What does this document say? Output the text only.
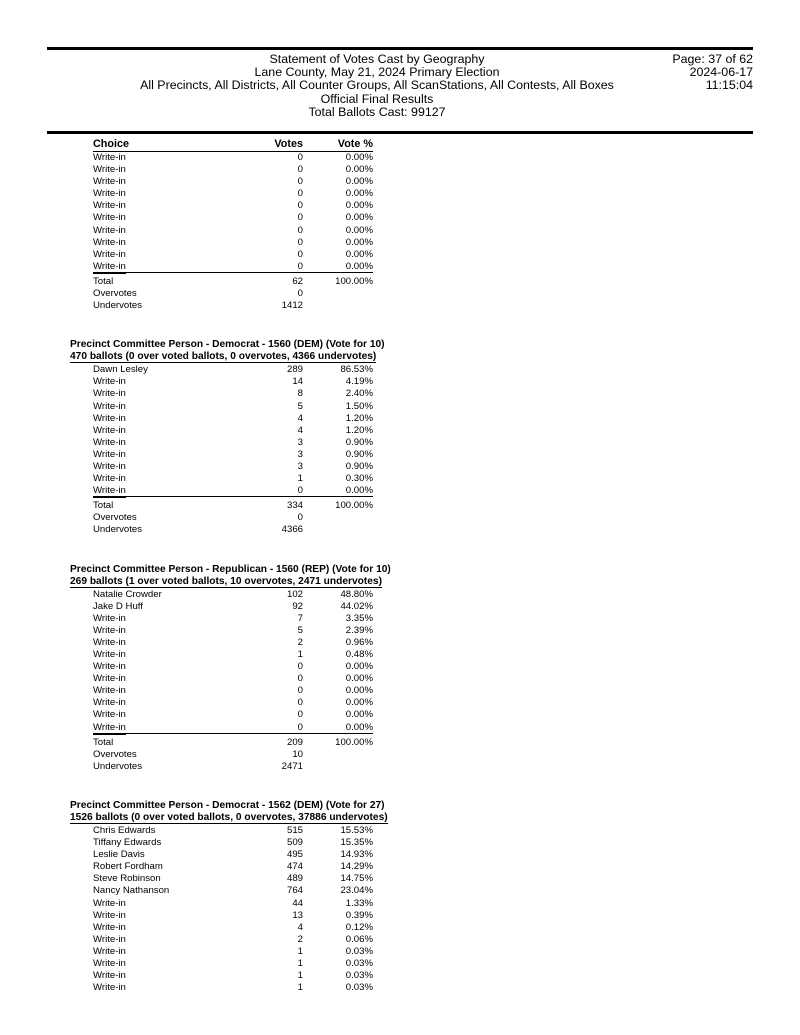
Statement of Votes Cast by Geography
Lane County, May 21, 2024 Primary Election
All Precincts, All Districts, All Counter Groups, All ScanStations, All Contests, All Boxes
Official Final Results
Total Ballots Cast: 99127
Page: 37 of 62
2024-06-17
11:15:04
Choice	Votes	Vote %
Write-in	0	0.00%
Write-in	0	0.00%
Write-in	0	0.00%
Write-in	0	0.00%
Write-in	0	0.00%
Write-in	0	0.00%
Write-in	0	0.00%
Write-in	0	0.00%
Write-in	0	0.00%
Write-in	0	0.00%
Total	62	100.00%
Overvotes	0
Undervotes	1412
Precinct Committee Person - Democrat - 1560 (DEM) (Vote for 10)
470 ballots (0 over voted ballots, 0 overvotes, 4366 undervotes)
Dawn Lesley	289	86.53%
Write-in	14	4.19%
Write-in	8	2.40%
Write-in	5	1.50%
Write-in	4	1.20%
Write-in	4	1.20%
Write-in	3	0.90%
Write-in	3	0.90%
Write-in	3	0.90%
Write-in	1	0.30%
Write-in	0	0.00%
Total	334	100.00%
Overvotes	0
Undervotes	4366
Precinct Committee Person - Republican - 1560 (REP) (Vote for 10)
269 ballots (1 over voted ballots, 10 overvotes, 2471 undervotes)
Natalie Crowder	102	48.80%
Jake D Huff	92	44.02%
Write-in	7	3.35%
Write-in	5	2.39%
Write-in	2	0.96%
Write-in	1	0.48%
Write-in	0	0.00%
Write-in	0	0.00%
Write-in	0	0.00%
Write-in	0	0.00%
Write-in	0	0.00%
Write-in	0	0.00%
Total	209	100.00%
Overvotes	10
Undervotes	2471
Precinct Committee Person - Democrat - 1562 (DEM) (Vote for 27)
1526 ballots (0 over voted ballots, 0 overvotes, 37886 undervotes)
Chris Edwards	515	15.53%
Tiffany Edwards	509	15.35%
Leslie Davis	495	14.93%
Robert Fordham	474	14.29%
Steve Robinson	489	14.75%
Nancy Nathanson	764	23.04%
Write-in	44	1.33%
Write-in	13	0.39%
Write-in	4	0.12%
Write-in	2	0.06%
Write-in	1	0.03%
Write-in	1	0.03%
Write-in	1	0.03%
Write-in	1	0.03%
